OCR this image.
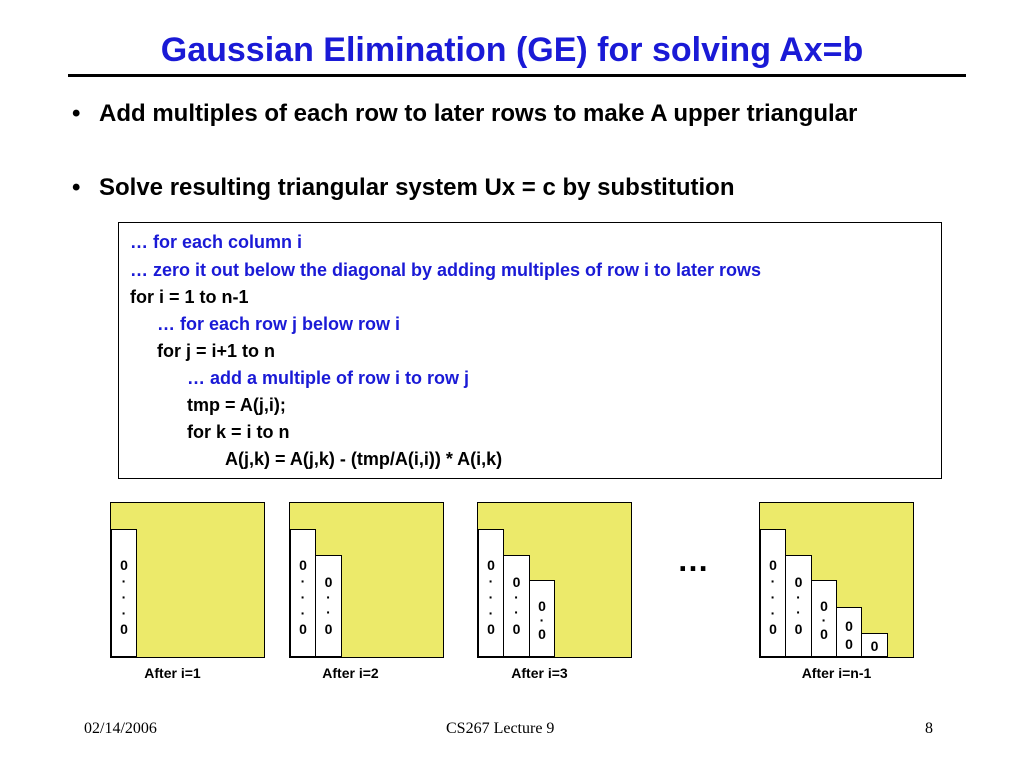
Gaussian Elimination (GE) for solving Ax=b
• Add multiples of each row to later rows to make A upper triangular
• Solve resulting triangular system Ux = c by substitution
… for each column i
… zero it out below the diagonal by adding multiples of row i to later rows
for i = 1 to n-1
… for each row j below row i
for j = i+1 to n
… add a multiple of row i to row j
tmp = A(j,i);
for k = i to n
A(j,k) = A(j,k) - (tmp/A(i,i)) * A(i,k)
0
·
·
·
0
After i=1
0
·
·
·
0
0
·
·
0
After i=2
0
·
·
·
0
0
·
·
0
0
·
0
After i=3
…	0
·
·
·
0
0
·
·
0
0
·
0	0
0	0
After i=n-1
02/14/2006	CS267 Lecture 9	8
